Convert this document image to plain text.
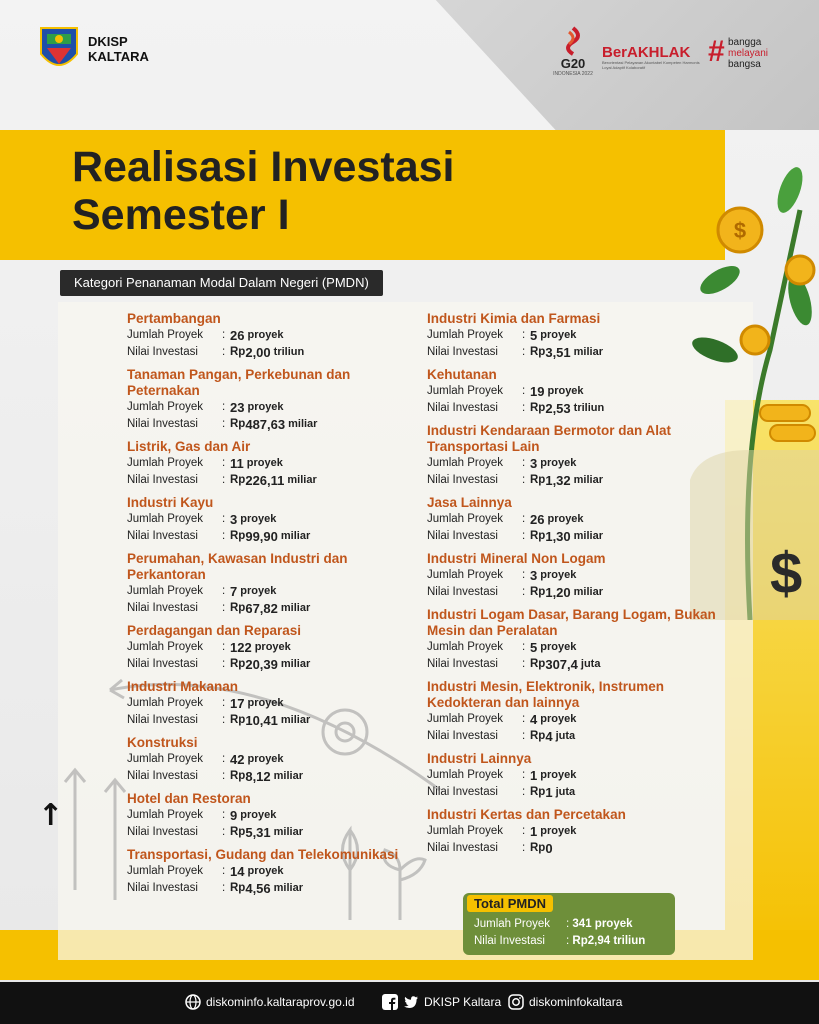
DKISP KALTARA	G20
INDONESIA 2022
BerAKHLAK
Berorientasi Pelayanan Akuntabel Kompeten Harmonis Loyal Adaptif Kolaboratif	# bangga
melayani
bangsa
Realisasi Investasi Semester I
Kategori Penanaman Modal Dalam Negeri (PMDN)
↑
$
$
Pertambangan
Jumlah Proyek	: 26 proyek
Nilai Investasi	: Rp 2,00 triliun
Tanaman Pangan, Perkebunan dan Peternakan
Jumlah Proyek	: 23 proyek
Nilai Investasi	: Rp 487,63 miliar
Listrik, Gas dan Air
Jumlah Proyek	: 11 proyek
Nilai Investasi	: Rp 226,11 miliar
Industri Kayu
Jumlah Proyek	: 3 proyek
Nilai Investasi	: Rp 99,90 miliar
Perumahan, Kawasan Industri dan Perkantoran
Jumlah Proyek	: 7 proyek
Nilai Investasi	: Rp 67,82 miliar
Perdagangan dan Reparasi
Jumlah Proyek	: 122 proyek
Nilai Investasi	: Rp 20,39 miliar
Industri Makanan
Jumlah Proyek	: 17 proyek
Nilai Investasi	: Rp 10,41 miliar
Konstruksi
Jumlah Proyek	: 42 proyek
Nilai Investasi	: Rp 8,12 miliar
Hotel dan Restoran
Jumlah Proyek	: 9 proyek
Nilai Investasi	: Rp 5,31 miliar
Transportasi, Gudang dan Telekomunikasi
Jumlah Proyek	: 14 proyek
Nilai Investasi	: Rp 4,56 miliar
Industri Kimia dan Farmasi
Jumlah Proyek	: 5 proyek
Nilai Investasi	: Rp 3,51 miliar
Kehutanan
Jumlah Proyek	: 19 proyek
Nilai Investasi	: Rp 2,53 triliun
Industri Kendaraan Bermotor dan Alat Transportasi Lain
Jumlah Proyek	: 3 proyek
Nilai Investasi	: Rp 1,32 miliar
Jasa Lainnya
Jumlah Proyek	: 26 proyek
Nilai Investasi	: Rp 1,30 miliar
Industri Mineral Non Logam
Jumlah Proyek	: 3 proyek
Nilai Investasi	: Rp 1,20 miliar
Industri Logam Dasar, Barang Logam, Bukan Mesin dan Peralatan
Jumlah Proyek	: 5 proyek
Nilai Investasi	: Rp 307,4 juta
Industri Mesin, Elektronik, Instrumen Kedokteran dan lainnya
Jumlah Proyek	: 4 proyek
Nilai Investasi	: Rp 4 juta
Industri Lainnya
Jumlah Proyek	: 1 proyek
Nilai Investasi	: Rp 1 juta
Industri Kertas dan Percetakan
Jumlah Proyek	: 1 proyek
Nilai Investasi	: Rp 0
Total PMDN
Jumlah Proyek	:
341 proyek
Nilai Investasi	:
Rp2,94 triliun
diskominfo.kaltaraprov.go.id	DKISP Kaltara diskominfokaltara
